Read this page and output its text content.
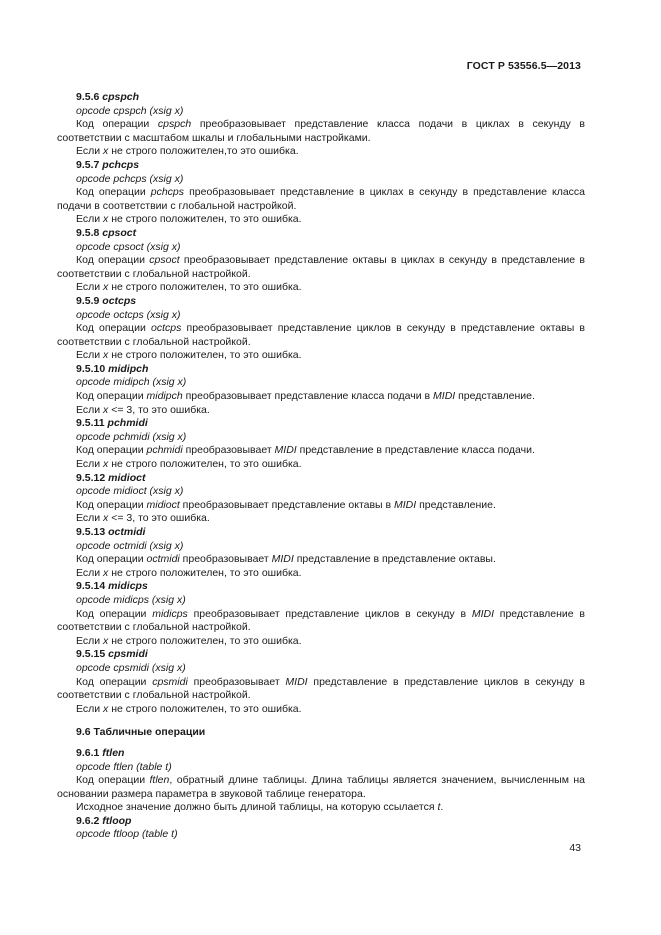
ГОСТ Р 53556.5—2013

9.5.6 cpspch

opcode cpspch (xsig x)

Код операции cpspch преобразовывает представление класса подачи в циклах в секунду в соответствии с масштабом шкалы и глобальными настройками.

Если x не строго положителен,то это ошибка.

9.5.7 pchcps

opcode pchcps (xsig x)

Код операции pchcps преобразовывает представление в циклах в секунду в представление класса подачи в соответствии с глобальной настройкой.

Если x не строго положителен, то это ошибка.

9.5.8 cpsoct

opcode cpsoct (xsig x)

Код операции cpsoct преобразовывает представление октавы в циклах в секунду в представление в соответствии с глобальной настройкой.

Если x не строго положителен, то это ошибка.

9.5.9 octcps

opcode octcps (xsig x)

Код операции octcps преобразовывает представление циклов в секунду в представление октавы в соответствии с глобальной настройкой.

Если x не строго положителен, то это ошибка.

9.5.10 midipch

opcode midipch (xsig x)

Код операции midipch преобразовывает представление класса подачи в MIDI представление.

Если x <= 3, то это ошибка.

9.5.11 pchmidi

opcode pchmidi (xsig x)

Код операции pchmidi преобразовывает MIDI представление в представление класса подачи.

Если x не строго положителен, то это ошибка.

9.5.12 midioct

opcode midioct (xsig x)

Код операции midioct преобразовывает представление октавы в MIDI представление.

Если x <= 3, то это ошибка.

9.5.13 octmidi

opcode octmidi (xsig x)

Код операции octmidi преобразовывает MIDI представление в представление октавы.

Если x не строго положителен, то это ошибка.

9.5.14 midicps

opcode midicps (xsig x)

Код операции midicps преобразовывает представление циклов в секунду в MIDI представление в соответствии с глобальной настройкой.

Если x не строго положителен, то это ошибка.

9.5.15 cpsmidi

opcode cpsmidi (xsig x)

Код операции cpsmidi преобразовывает MIDI представление в представление циклов в секунду в соответствии с глобальной настройкой.

Если x не строго положителен, то это ошибка.

9.6 Табличные операции

9.6.1 ftlen

opcode ftlen (table t)

Код операции ftlen, обратный длине таблицы. Длина таблицы является значением, вычисленным на основании размера параметра в звуковой таблице генератора.

Исходное значение должно быть длиной таблицы, на которую ссылается t.

9.6.2 ftloop

opcode ftloop (table t)

43
